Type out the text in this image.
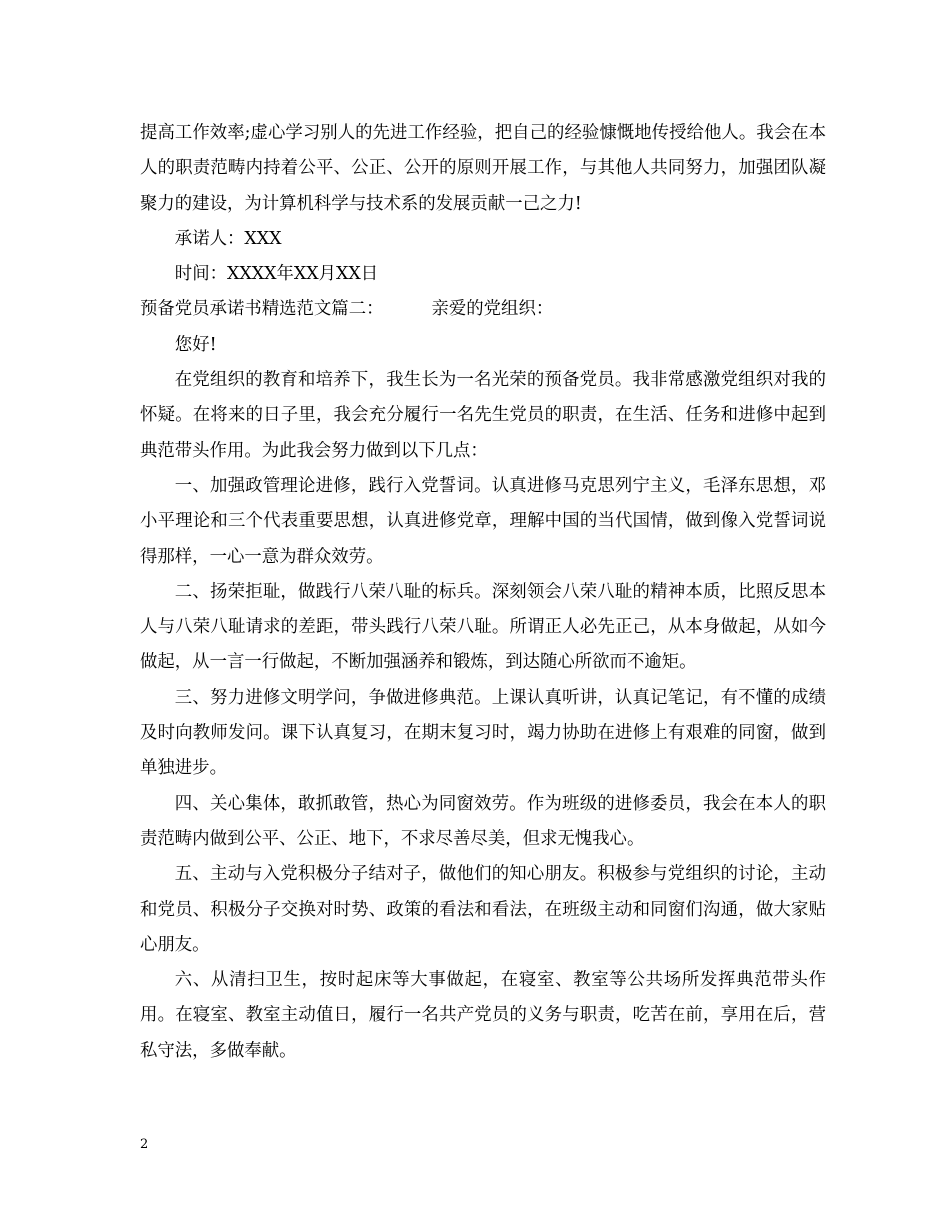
提高工作效率;虚心学习别人的先进工作经验，把自己的经验慷慨地传授给他人。我会在本人的职责范畴内持着公平、公正、公开的原则开展工作，与其他人共同努力，加强团队凝聚力的建设，为计算机科学与技术系的发展贡献一己之力!

承诺人：XXX

时间：XXXX年XX月XX日

预备党员承诺书精选范文篇二：	亲爱的党组织：

您好!

在党组织的教育和培养下，我生长为一名光荣的预备党员。我非常感激党组织对我的怀疑。在将来的日子里，我会充分履行一名先生党员的职责，在生活、任务和进修中起到典范带头作用。为此我会努力做到以下几点：

一、加强政管理论进修，践行入党誓词。认真进修马克思列宁主义，毛泽东思想，邓小平理论和三个代表重要思想，认真进修党章，理解中国的当代国情，做到像入党誓词说得那样，一心一意为群众效劳。

二、扬荣拒耻，做践行八荣八耻的标兵。深刻领会八荣八耻的精神本质，比照反思本人与八荣八耻请求的差距，带头践行八荣八耻。所谓正人必先正己，从本身做起，从如今做起，从一言一行做起，不断加强涵养和锻炼，到达随心所欲而不逾矩。

三、努力进修文明学问，争做进修典范。上课认真听讲，认真记笔记，有不懂的成绩及时向教师发问。课下认真复习，在期末复习时，竭力协助在进修上有艰难的同窗，做到单独进步。

四、关心集体，敢抓敢管，热心为同窗效劳。作为班级的进修委员，我会在本人的职责范畴内做到公平、公正、地下，不求尽善尽美，但求无愧我心。

五、主动与入党积极分子结对子，做他们的知心朋友。积极参与党组织的讨论，主动和党员、积极分子交换对时势、政策的看法和看法，在班级主动和同窗们沟通，做大家贴心朋友。

六、从清扫卫生，按时起床等大事做起，在寝室、教室等公共场所发挥典范带头作用。在寝室、教室主动值日，履行一名共产党员的义务与职责，吃苦在前，享用在后，营私守法，多做奉献。

2
